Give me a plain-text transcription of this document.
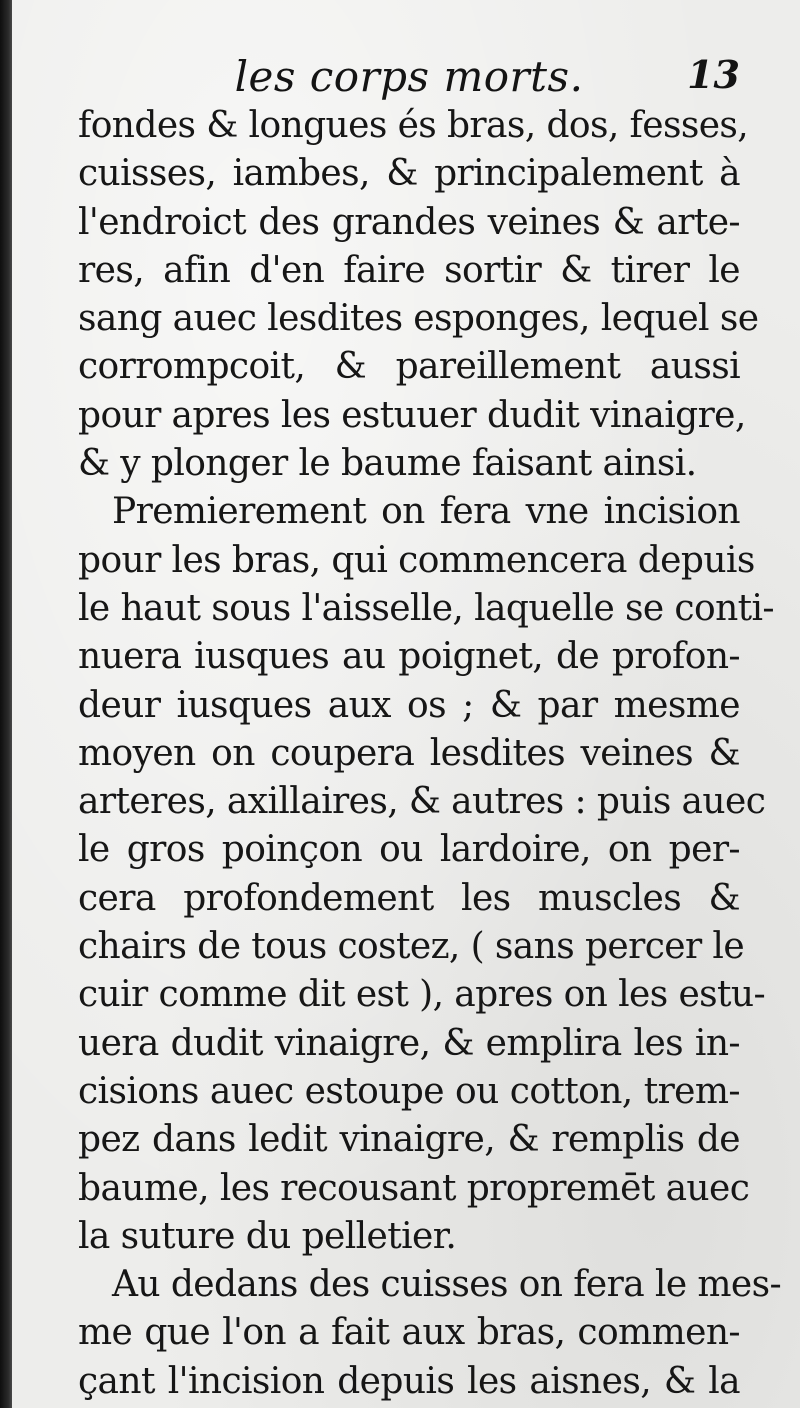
les corps morts.	13
fondes & longues és bras, dos, fesses,
cuisses, iambes, & principalement à
l'endroict des grandes veines & arte-
res, afin d'en faire sortir & tirer le
sang auec lesdites esponges, lequel se
corrompcoit, & pareillement aussi
pour apres les estuuer dudit vinaigre,
& y plonger le baume faisant ainsi.
Premierement on fera vne incision
pour les bras, qui commencera depuis
le haut sous l'aisselle, laquelle se conti-
nuera iusques au poignet, de profon-
deur iusques aux os ; & par mesme
moyen on coupera lesdites veines &
arteres, axillaires, & autres : puis auec
le gros poinçon ou lardoire, on per-
cera profondement les muscles &
chairs de tous costez, ( sans percer le
cuir comme dit est ), apres on les estu-
uera dudit vinaigre, & emplira les in-
cisions auec estoupe ou cotton, trem-
pez dans ledit vinaigre, & remplis de
baume, les recousant propremēt auec
la suture du pelletier.
Au dedans des cuisses on fera le mes-
me que l'on a fait aux bras, commen-
çant l'incision depuis les aisnes, & la
